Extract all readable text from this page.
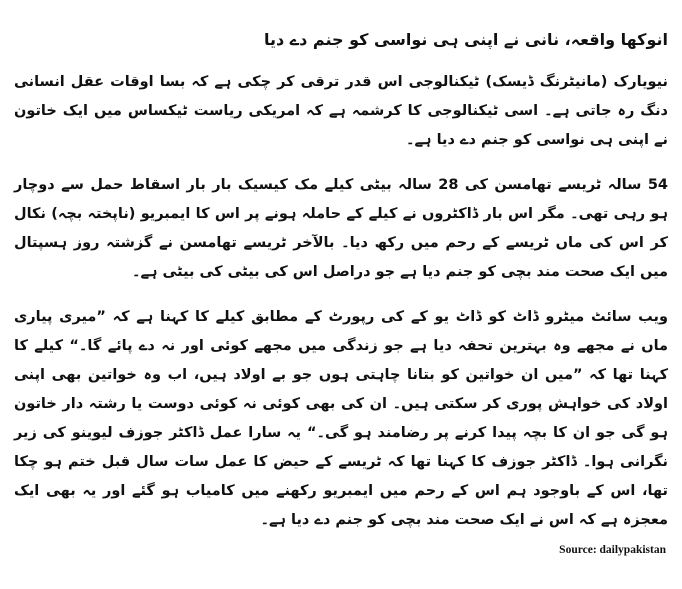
انوکھا واقعہ، نانی نے اپنی ہی نواسی کو جنم دے دیا

نیویارک (مانیٹرنگ ڈیسک) ٹیکنالوجی اس قدر ترقی کر چکی ہے کہ بسا اوقات عقل انسانی دنگ رہ جاتی ہے۔ اسی ٹیکنالوجی کا کرشمہ ہے کہ امریکی ریاست ٹیکساس میں ایک خاتون نے اپنی ہی نواسی کو جنم دے دیا ہے۔

54 سالہ ٹریسے تھامسن کی 28 سالہ بیٹی کیلے مک کیسیک بار بار اسقاط حمل سے دوچار ہو رہی تھی۔ مگر اس بار ڈاکٹروں نے کیلے کے حاملہ ہونے پر اس کا ایمبریو (ناپختہ بچہ) نکال کر اس کی ماں ٹریسے کے رحم میں رکھ دیا۔ بالآخر ٹریسے تھامسن نے گزشتہ روز ہسپتال میں ایک صحت مند بچی کو جنم دیا ہے جو دراصل اس کی بیٹی کی بیٹی ہے۔

ویب سائٹ میٹرو ڈاٹ کو ڈاٹ یو کے کی رپورٹ کے مطابق کیلے کا کہنا ہے کہ ”میری پیاری ماں نے مجھے وہ بہترین تحفہ دیا ہے جو زندگی میں مجھے کوئی اور نہ دے پائے گا۔“ کیلے کا کہنا تھا کہ ”میں ان خواتین کو بتانا چاہتی ہوں جو بے اولاد ہیں، اب وہ خواتین بھی اپنی اولاد کی خواہش پوری کر سکتی ہیں۔ ان کی بھی کوئی نہ کوئی دوست یا رشتہ دار خاتون ہو گی جو ان کا بچہ پیدا کرنے پر رضامند ہو گی۔“ یہ سارا عمل ڈاکٹر جوزف لیوینو کی زیر نگرانی ہوا۔ ڈاکٹر جوزف کا کہنا تھا کہ ٹریسے کے حیض کا عمل سات سال قبل ختم ہو چکا تھا، اس کے باوجود ہم اس کے رحم میں ایمبریو رکھنے میں کامیاب ہو گئے اور یہ بھی ایک معجزہ ہے کہ اس نے ایک صحت مند بچی کو جنم دے دیا ہے۔

Source: dailypakistan
